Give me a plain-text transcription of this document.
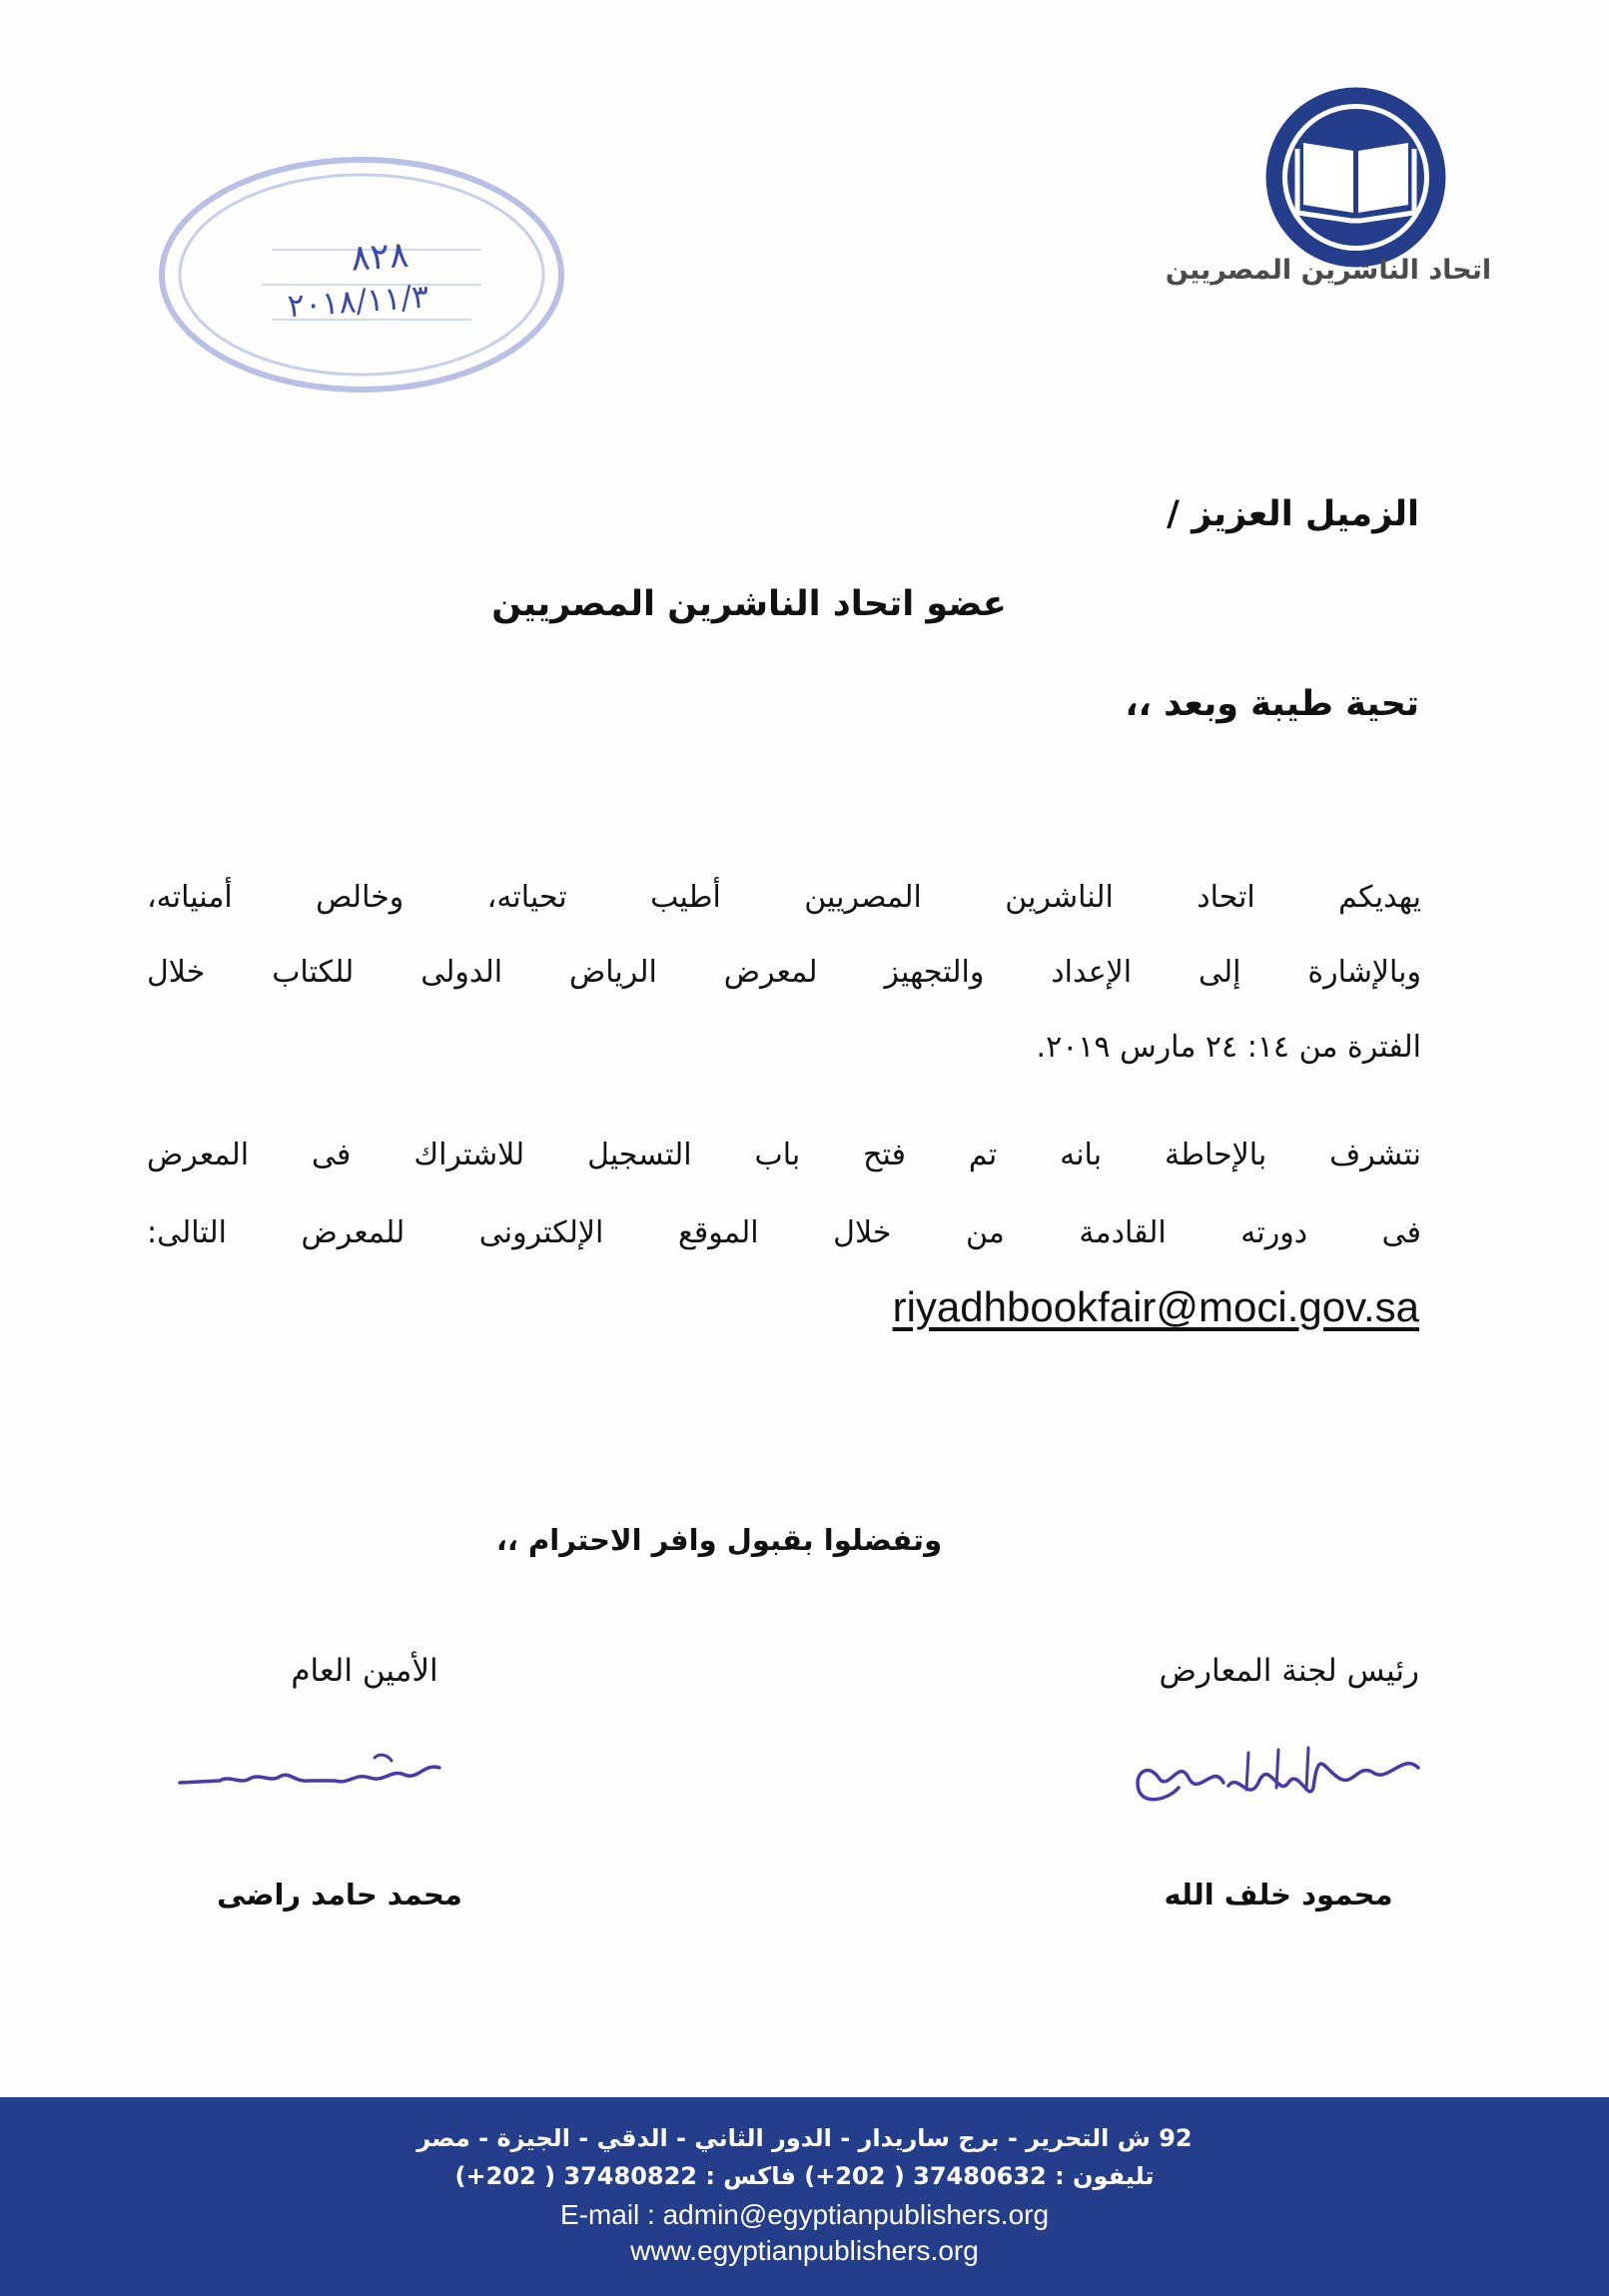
اتحاد الناشرين المصريين
٨٢٨
٢٠١٨/١١/٣
الزميل العزيز /
عضو اتحاد الناشرين المصريين
تحية طيبة وبعد ،،
يهديكم اتحاد الناشرين المصريين أطيب تحياته، وخالص أمنياته،
وبالإشارة إلى الإعداد والتجهيز لمعرض الرياض الدولى للكتاب خلال
الفترة من ١٤: ٢٤ مارس ٢٠١٩.
نتشرف بالإحاطة بانه تم فتح باب التسجيل للاشتراك فى المعرض
فى دورته القادمة من خلال الموقع الإلكترونى للمعرض التالى:
riyadhbookfair@moci.gov.sa
وتفضلوا بقبول وافر الاحترام ،،
رئيس لجنة المعارض
الأمين العام
محمود خلف الله
محمد حامد راضى
92 ش التحرير - برج ساريدار - الدور الثاني - الدقي - الجيزة - مصر
تليفون : 37480632 ( 202+) فاكس : 37480822 ( 202+)
E-mail : admin@egyptianpublishers.org
www.egyptianpublishers.org
